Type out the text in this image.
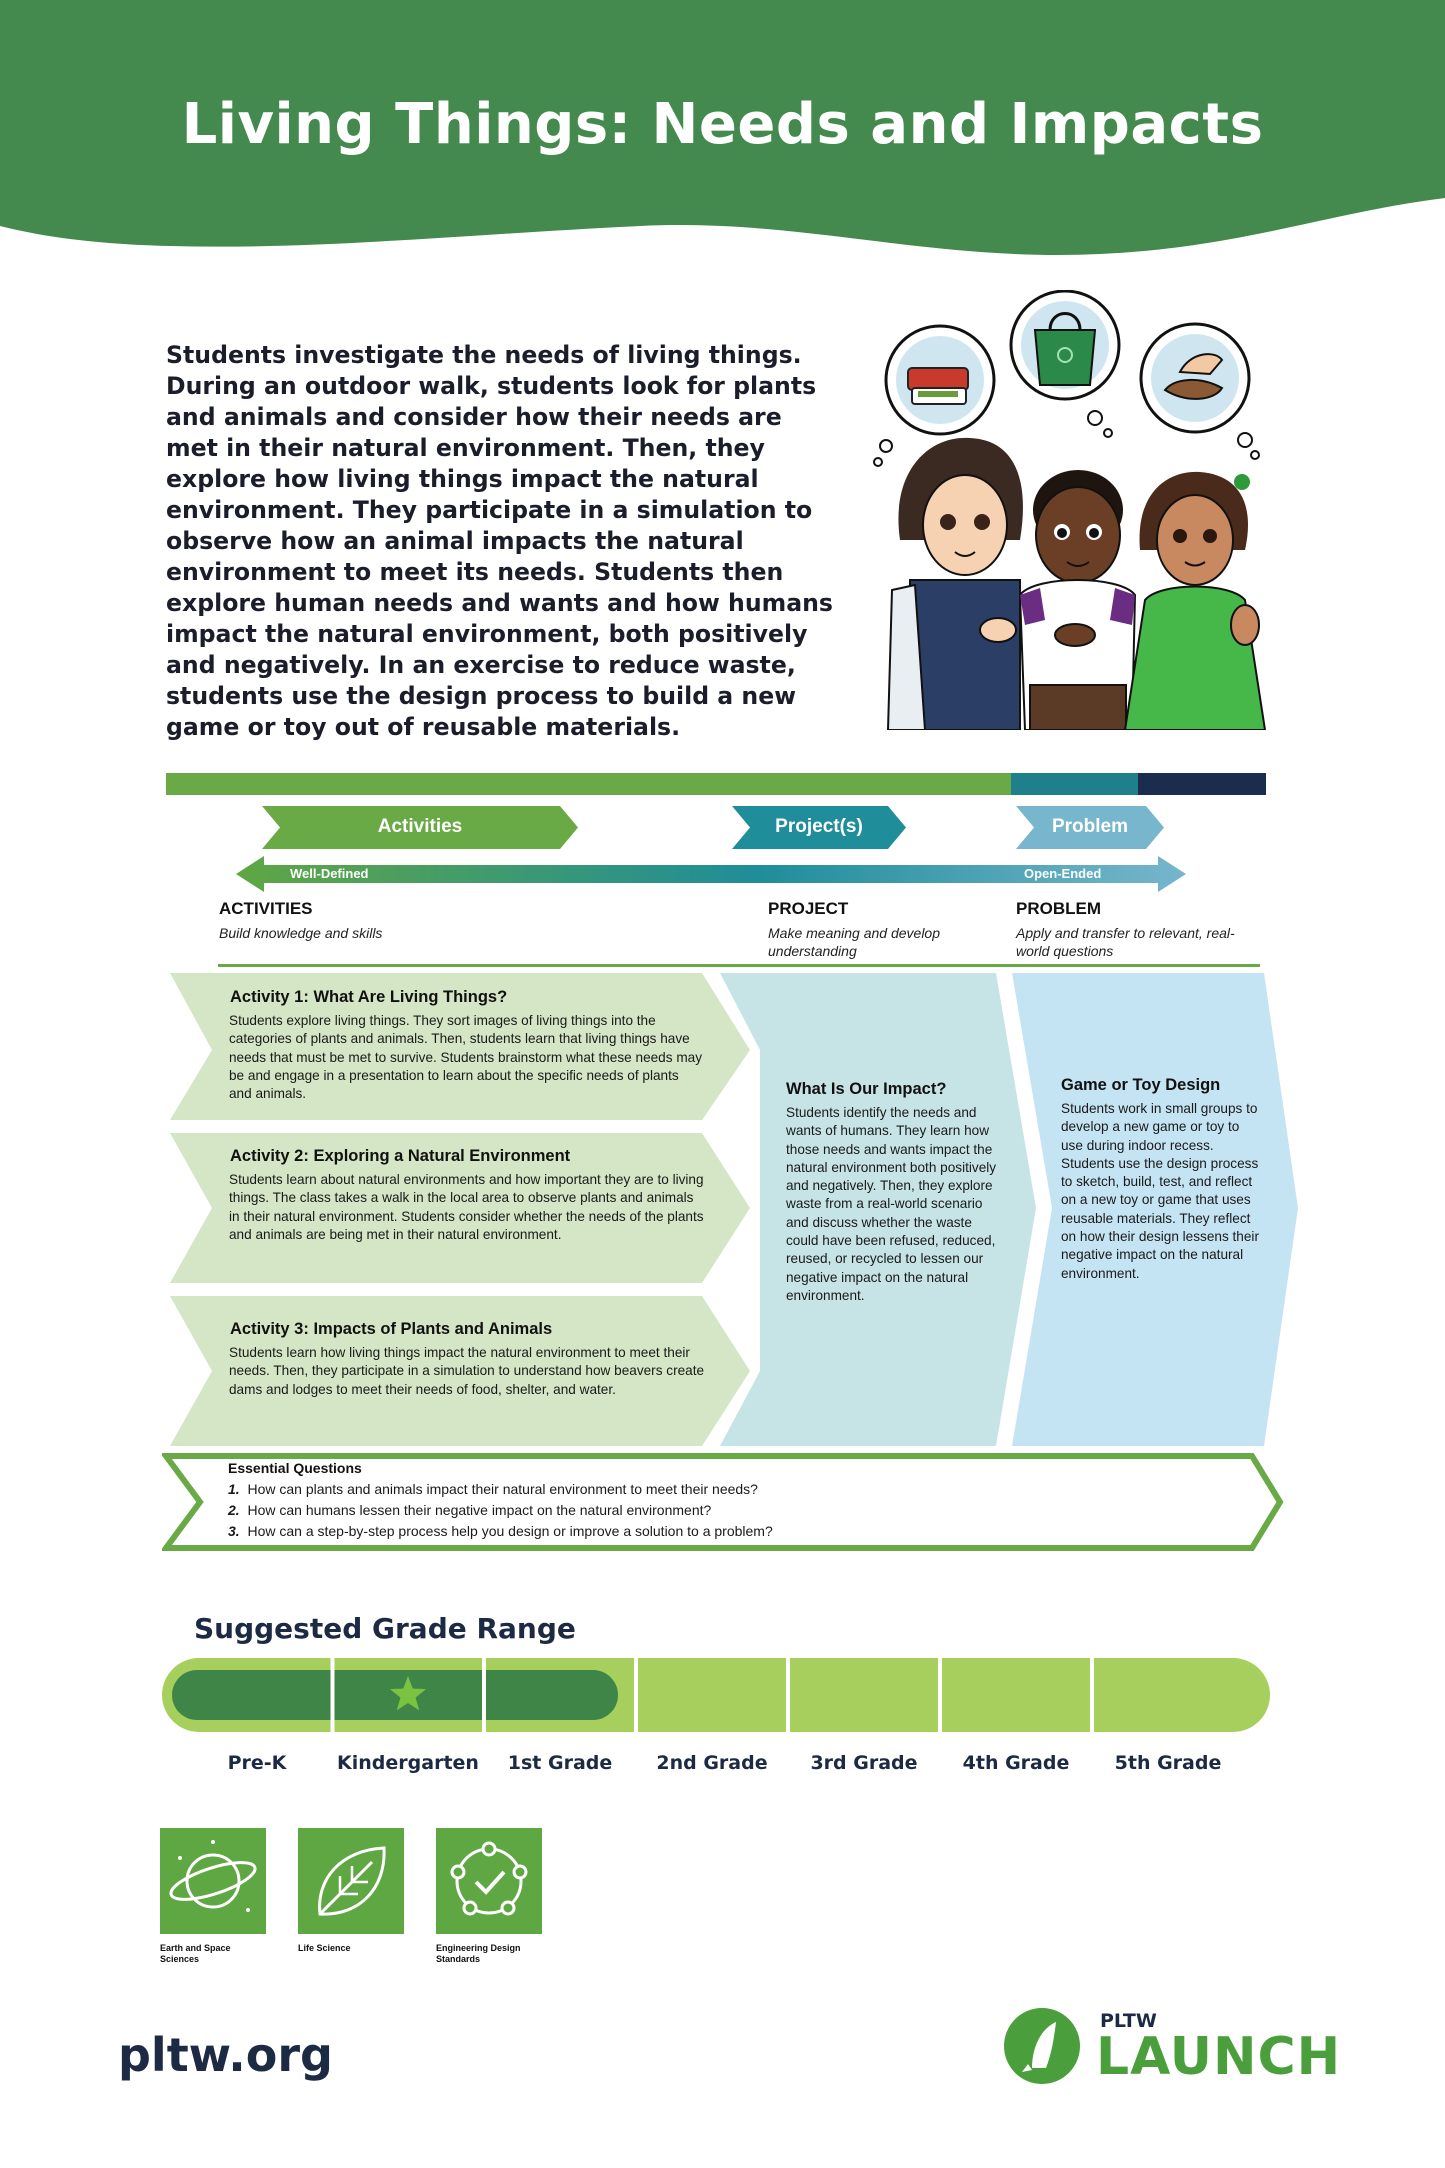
Living Things: Needs and Impacts
Students investigate the needs of living things. During an outdoor walk, students look for plants and animals and consider how their needs are met in their natural environment. Then, they explore how living things impact the natural environment. They participate in a simulation to observe how an animal impacts the natural environment to meet its needs. Students then explore human needs and wants and how humans impact the natural environment, both positively and negatively. In an exercise to reduce waste, students use the design process to build a new game or toy out of reusable materials.
Activities	Project(s)	Problem
Well-Defined	Open-Ended
ACTIVITIES
Build knowledge and skills
PROJECT
Make meaning and develop understanding
PROBLEM
Apply and transfer to relevant, real-world questions
Activity 1: What Are Living Things?
Students explore living things. They sort images of living things into the categories of plants and animals. Then, students learn that living things have needs that must be met to survive. Students brainstorm what these needs may be and engage in a presentation to learn about the specific needs of plants and animals.
Activity 2: Exploring a Natural Environment
Students learn about natural environments and how important they are to living things. The class takes a walk in the local area to observe plants and animals in their natural environment. Students consider whether the needs of the plants and animals are being met in their natural environment.
Activity 3: Impacts of Plants and Animals
Students learn how living things impact the natural environment to meet their needs. Then, they participate in a simulation to understand how beavers create dams and lodges to meet their needs of food, shelter, and water.
What Is Our Impact?
Students identify the needs and wants of humans. They learn how those needs and wants impact the natural environment both positively and negatively. Then, they explore waste from a real-world scenario and discuss whether the waste could have been refused, reduced, reused, or recycled to lessen our negative impact on the natural environment.
Game or Toy Design
Students work in small groups to develop a new game or toy to use during indoor recess. Students use the design process to sketch, build, test, and reflect on a new toy or game that uses reusable materials. They reflect on how their design lessens their negative impact on the natural environment.
Essential Questions
1. How can plants and animals impact their natural environment to meet their needs?
2. How can humans lessen their negative impact on the natural environment?
3. How can a step-by-step process help you design or improve a solution to a problem?
Suggested Grade Range
Pre-K	Kindergarten	1st Grade	2nd Grade	3rd Grade	4th Grade	5th Grade
Earth and Space Sciences
Life Science	Engineering Design Standards
pltw.org
PLTW
LAUNCH
